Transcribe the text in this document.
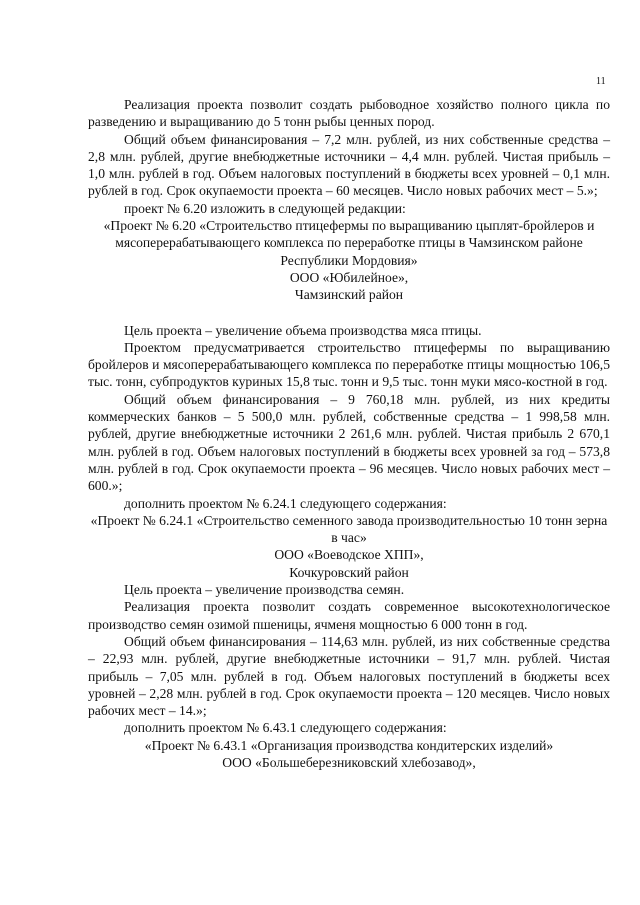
11

Реализация проекта позволит создать рыбоводное хозяйство полного цикла по разведению и выращиванию до 5 тонн рыбы ценных пород.

Общий объем финансирования – 7,2 млн. рублей, из них собственные средства – 2,8 млн. рублей, другие внебюджетные источники – 4,4 млн. рублей. Чистая прибыль – 1,0 млн. рублей в год. Объем налоговых поступлений в бюджеты всех уровней – 0,1 млн. рублей в год. Срок окупаемости проекта – 60 месяцев. Число новых рабочих мест – 5.»;

проект № 6.20 изложить в следующей редакции:

«Проект № 6.20 «Строительство птицефермы по выращиванию цыплят-бройлеров и мясоперерабатывающего комплекса по переработке птицы в Чамзинском районе Республики Мордовия»

ООО «Юбилейное»,

Чамзинский район

Цель проекта – увеличение объема производства мяса птицы.

Проектом предусматривается строительство птицефермы по выращиванию бройлеров и мясоперерабатывающего комплекса по переработке птицы мощностью 106,5 тыс. тонн, субпродуктов куриных 15,8 тыс. тонн и 9,5 тыс. тонн муки мясо-костной в год.

Общий объем финансирования – 9 760,18 млн. рублей, из них кредиты коммерческих банков – 5 500,0 млн. рублей, собственные средства – 1 998,58 млн. рублей, другие внебюджетные источники 2 261,6 млн. рублей. Чистая прибыль 2 670,1 млн. рублей в год. Объем налоговых поступлений в бюджеты всех уровней за год – 573,8 млн. рублей в год. Срок окупаемости проекта – 96 месяцев. Число новых рабочих мест – 600.»;

дополнить проектом № 6.24.1 следующего содержания:

«Проект № 6.24.1 «Строительство семенного завода производительностью 10 тонн зерна в час»

ООО «Воеводское ХПП»,

Кочкуровский район

Цель проекта – увеличение производства семян.

Реализация проекта позволит создать современное высокотехнологическое производство семян озимой пшеницы, ячменя мощностью 6 000 тонн в год.

Общий объем финансирования – 114,63 млн. рублей, из них собственные средства – 22,93 млн. рублей, другие внебюджетные источники – 91,7 млн. рублей. Чистая прибыль – 7,05 млн. рублей в год. Объем налоговых поступлений в бюджеты всех уровней – 2,28 млн. рублей в год. Срок окупаемости проекта – 120 месяцев. Число новых рабочих мест – 14.»;

дополнить проектом № 6.43.1 следующего содержания:

«Проект № 6.43.1 «Организация производства кондитерских изделий»

ООО «Большеберезниковский хлебозавод»,
